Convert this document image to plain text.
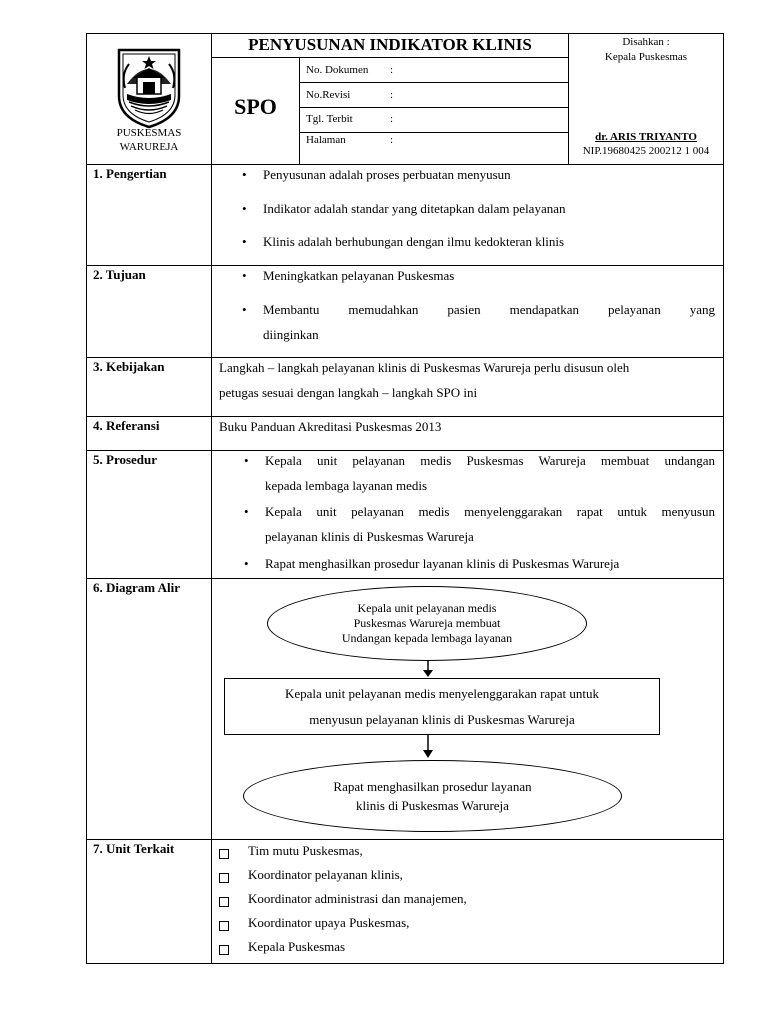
PUSKESMAS
WARUREJA
PENYUSUNAN INDIKATOR KLINIS
SPO
No. Dokumen :
No.Revisi	:
Tgl. Terbit	:
Halaman	:
Disahkan :
Kepala Puskesmas
dr. ARIS TRIYANTO
NIP.19680425 200212 1 004
1. Pengertian	• Penyusunan adalah proses perbuatan menyusun
• Indikator adalah standar yang ditetapkan dalam pelayanan
• Klinis adalah berhubungan dengan ilmu kedokteran klinis
2. Tujuan	• Meningkatkan pelayanan Puskesmas
• Membantu memudahkan pasien mendapatkan pelayanan yang
diinginkan
3. Kebijakan	Langkah – langkah pelayanan klinis di Puskesmas Warureja perlu disusun oleh
petugas sesuai dengan langkah – langkah SPO ini
4. Referansi	Buku Panduan Akreditasi Puskesmas 2013
5. Prosedur	• Kepala unit pelayanan medis Puskesmas Warureja membuat undangan
kepada lembaga layanan medis
• Kepala unit pelayanan medis menyelenggarakan rapat untuk menyusun
pelayanan klinis di Puskesmas Warureja
• Rapat menghasilkan prosedur layanan klinis di Puskesmas Warureja
6. Diagram Alir
Kepala unit pelayanan medis
Puskesmas Warureja membuat
Undangan kepada lembaga layanan
Kepala unit pelayanan medis menyelenggarakan rapat untuk
menyusun pelayanan klinis di Puskesmas Warureja
Rapat menghasilkan prosedur layanan
klinis di Puskesmas Warureja
7. Unit Terkait	Tim mutu Puskesmas,
Koordinator pelayanan klinis,
Koordinator administrasi dan manajemen,
Koordinator upaya Puskesmas,
Kepala Puskesmas
